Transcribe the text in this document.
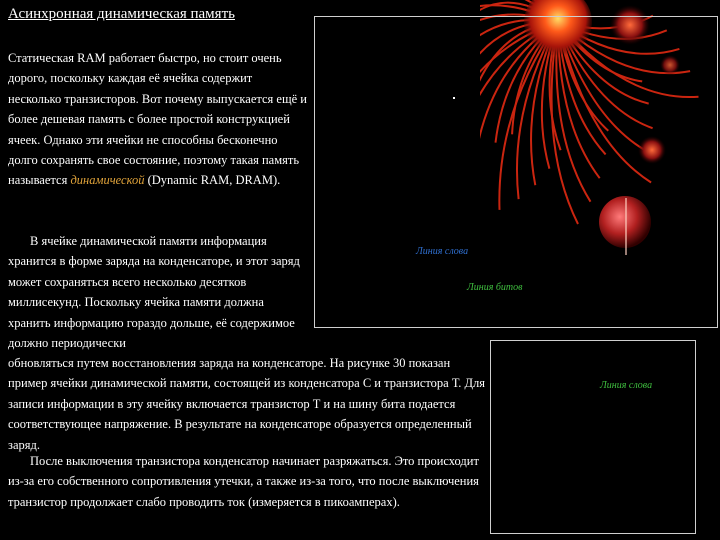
Асинхронная динамическая память
Линия слова
Линия битов
Линия слова

Статическая RAM работает быстро, но стоит очень дорого, поскольку каждая её ячейка содержит несколько транзисторов. Вот почему выпускается ещё и более дешевая память с более простой конструкцией ячеек. Однако эти ячейки не способны бесконечно долго сохранять свое состояние, поэтому такая память называется динамической (Dynamic RAM, DRAM).

В ячейке динамической памяти информация хранится в форме заряда на конденсаторе, и этот заряд может сохраняться всего несколько десятков миллисекунд. Поскольку ячейка памяти должна хранить информацию гораздо дольше, её содержимое должно периодически

обновляться путем восстановления заряда на конденсаторе. На рисунке 30 показан пример ячейки динамической памяти, состоящей из конденсатора С и транзистора Т. Для записи информации в эту ячейку включается транзистор Т и на шину бита подается соответствующее напряжение. В результате на конденсаторе образуется определенный заряд.

После выключения транзистора конденсатор начинает разряжаться. Это происходит из-за его собственного сопротивления утечки, а также из-за того, что после выключения транзистор продолжает слабо проводить ток (измеряется в пикоамперах).
